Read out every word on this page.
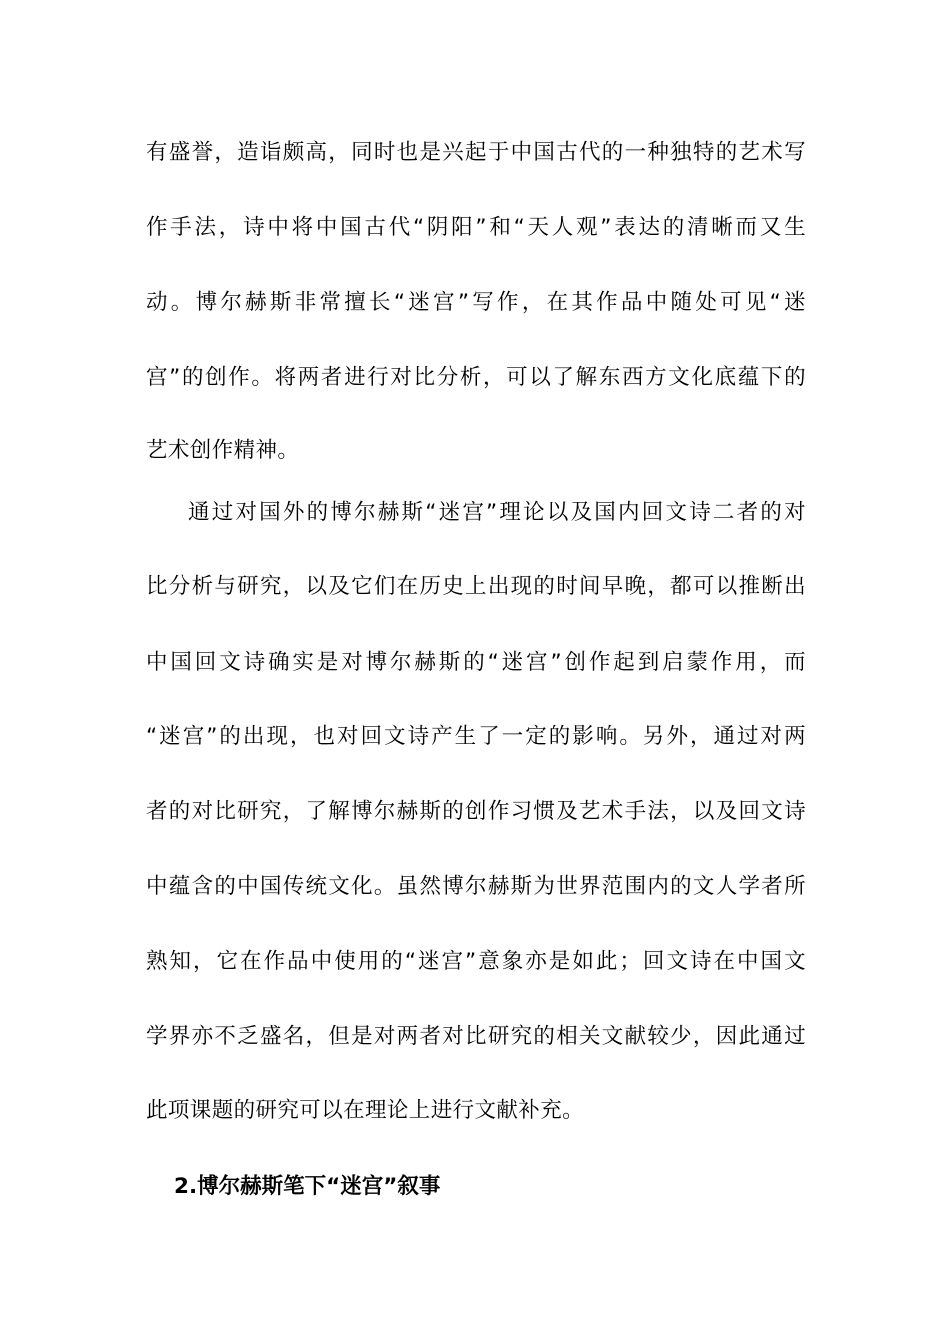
有盛誉，造诣颇高，同时也是兴起于中国古代的一种独特的艺术写
作手法，诗中将中国古代“阴阳”和“天人观”表达的清晰而又生
动。博尔赫斯非常擅长“迷宫”写作，在其作品中随处可见“迷
宫”的创作。将两者进行对比分析，可以了解东西方文化底蕴下的
艺术创作精神。
通过对国外的博尔赫斯“迷宫”理论以及国内回文诗二者的对
比分析与研究，以及它们在历史上出现的时间早晚，都可以推断出
中国回文诗确实是对博尔赫斯的“迷宫”创作起到启蒙作用，而
“迷宫”的出现，也对回文诗产生了一定的影响。另外，通过对两
者的对比研究，了解博尔赫斯的创作习惯及艺术手法，以及回文诗
中蕴含的中国传统文化。虽然博尔赫斯为世界范围内的文人学者所
熟知，它在作品中使用的“迷宫”意象亦是如此；回文诗在中国文
学界亦不乏盛名，但是对两者对比研究的相关文献较少，因此通过
此项课题的研究可以在理论上进行文献补充。
2.博尔赫斯笔下“迷宫”叙事
